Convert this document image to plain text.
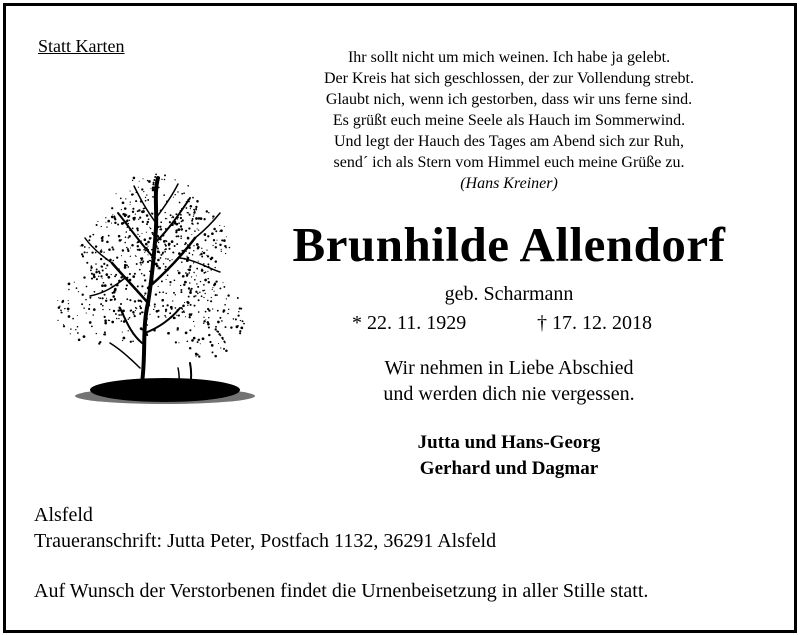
Statt Karten
Ihr sollt nicht um mich weinen. Ich habe ja gelebt.
Der Kreis hat sich geschlossen, der zur Vollendung strebt.
Glaubt nich, wenn ich gestorben, dass wir uns ferne sind.
Es grüßt euch meine Seele als Hauch im Sommerwind.
Und legt der Hauch des Tages am Abend sich zur Ruh,
send´ ich als Stern vom Himmel euch meine Grüße zu.
(Hans Kreiner)
Brunhilde Allendorf
geb. Scharmann
* 22. 11. 1929	† 17. 12. 2018
Wir nehmen in Liebe Abschied
und werden dich nie vergessen.
Jutta und Hans-Georg
Gerhard und Dagmar
Alsfeld
Traueranschrift: Jutta Peter, Postfach 1132, 36291 Alsfeld
Auf Wunsch der Verstorbenen findet die Urnenbeisetzung in aller Stille statt.
